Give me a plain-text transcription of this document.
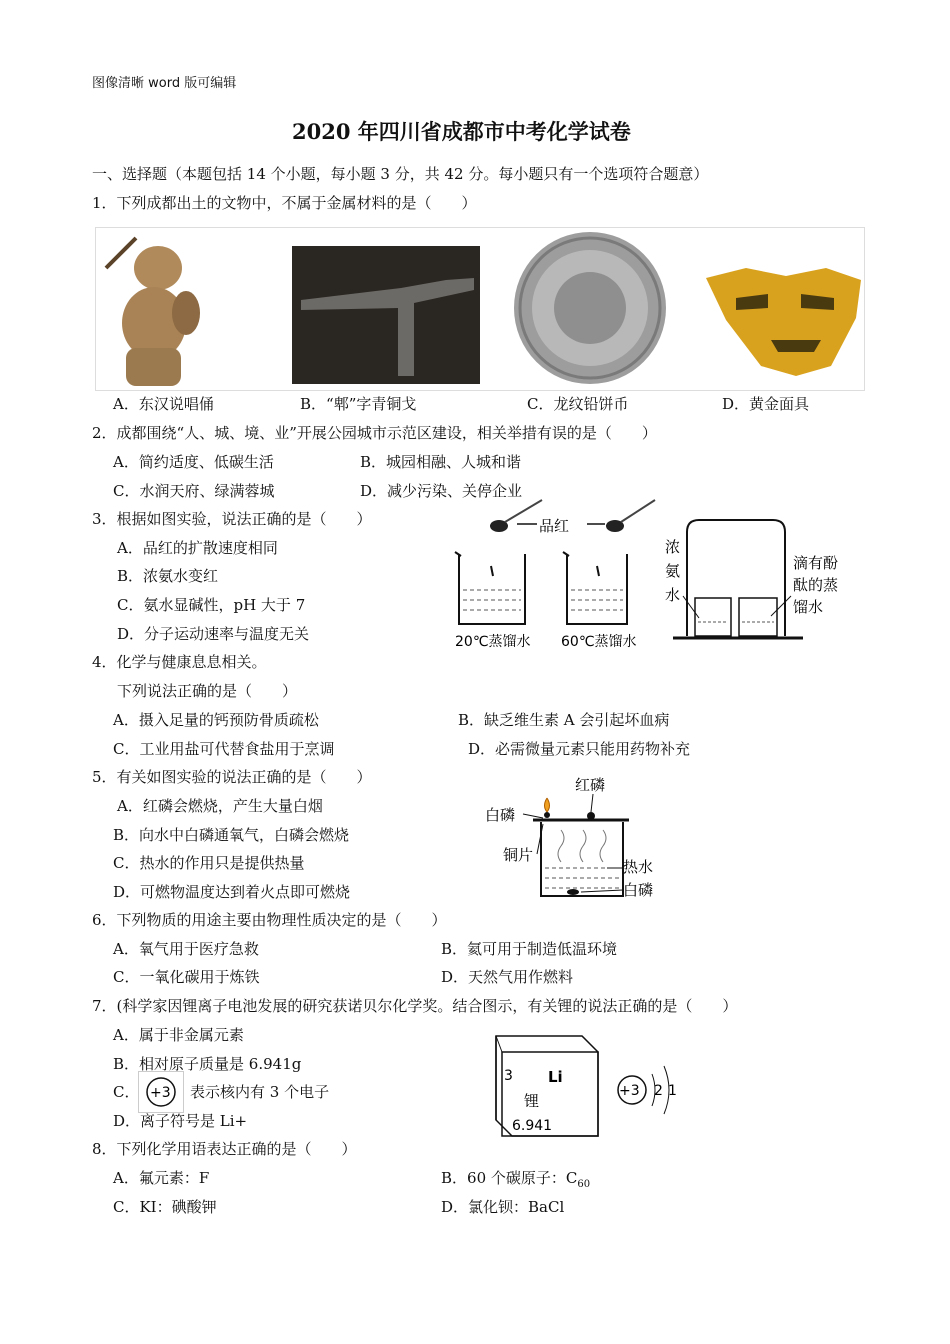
图像清晰 word 版可编辑
2020 年四川省成都市中考化学试卷
一、选择题（本题包括 14 个小题，每小题 3 分，共 42 分。每小题只有一个选项符合题意）
1．下列成都出土的文物中，不属于金属材料的是（　　）
A．东汉说唱俑	B．“郫”字青铜戈	C．龙纹铅饼币	D．黄金面具
2．成都围绕“人、城、境、业”开展公园城市示范区建设，相关举措有误的是（　　）
A．简约适度、低碳生活	B．城园相融、人城和谐
C．水润天府、绿满蓉城	D．减少污染、关停企业
3．根据如图实验，说法正确的是（　　）
A．品红的扩散速度相同
B．浓氨水变红
C．氨水显碱性，pH 大于 7
D．分子运动速率与温度无关
品红
20℃蒸馏水 60℃蒸馏水
浓
氨
水
滴有酚
酞的蒸
馏水
4．化学与健康息息相关。
下列说法正确的是（　　）
A．摄入足量的钙预防骨质疏松	B．缺乏维生素 A 会引起坏血病
C．工业用盐可代替食盐用于烹调	D．必需微量元素只能用药物补充
5．有关如图实验的说法正确的是（　　）
A．红磷会燃烧，产生大量白烟
B．向水中白磷通氧气，白磷会燃烧
C．热水的作用只是提供热量
D．可燃物温度达到着火点即可燃烧
红磷
白磷
铜片
热水
白磷
6．下列物质的用途主要由物理性质决定的是（　　）
A．氧气用于医疗急救	B．氦可用于制造低温环境
C．一氧化碳用于炼铁	D．天然气用作燃料
7．(科学家因锂离子电池发展的研究获诺贝尔化学奖。结合图示，有关锂的说法正确的是（　　）
A．属于非金属元素
B．相对原子质量是 6.941g
C． +3 表示核内有 3 个电子
D．离子符号是 Li+
3 Li
锂
6.941
+3 2 1
8．下列化学用语表达正确的是（　　）
A．氟元素：F	B．60 个碳原子：$C_{60}$
C．KI：碘酸钾	D．氯化钡：BaCl
